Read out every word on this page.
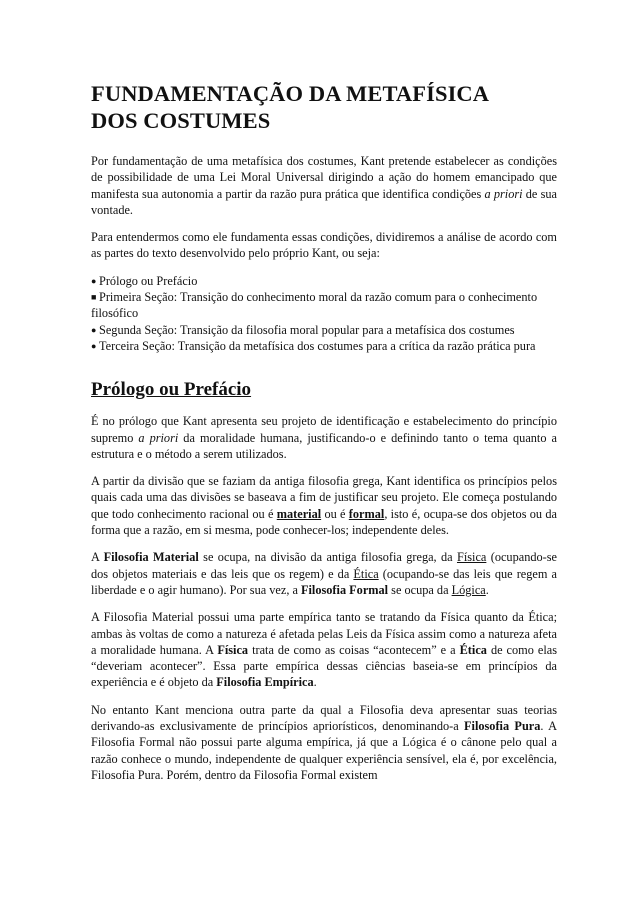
FUNDAMENTAÇÃO DA METAFÍSICA
DOS COSTUMES

Por fundamentação de uma metafísica dos costumes, Kant pretende estabelecer as condições de possibilidade de uma Lei Moral Universal dirigindo a ação do homem emancipado que manifesta sua autonomia a partir da razão pura prática que identifica condições a priori de sua vontade.

Para entendermos como ele fundamenta essas condições, dividiremos a análise de acordo com as partes do texto desenvolvido pelo próprio Kant, ou seja:

● Prólogo ou Prefácio
■ Primeira Seção: Transição do conhecimento moral da razão comum para o conhecimento filosófico
● Segunda Seção: Transição da filosofia moral popular para a metafísica dos costumes
● Terceira Seção: Transição da metafísica dos costumes para a crítica da razão prática pura
Prólogo ou Prefácio

É no prólogo que Kant apresenta seu projeto de identificação e estabelecimento do princípio supremo a priori da moralidade humana, justificando-o e definindo tanto o tema quanto a estrutura e o método a serem utilizados.

A partir da divisão que se faziam da antiga filosofia grega, Kant identifica os princípios pelos quais cada uma das divisões se baseava a fim de justificar seu projeto. Ele começa postulando que todo conhecimento racional ou é material ou é formal, isto é, ocupa-se dos objetos ou da forma que a razão, em si mesma, pode conhecer-los; independente deles.

A Filosofia Material se ocupa, na divisão da antiga filosofia grega, da Física (ocupando-se dos objetos materiais e das leis que os regem) e da Ética (ocupando-se das leis que regem a liberdade e o agir humano). Por sua vez, a Filosofia Formal se ocupa da Lógica.

A Filosofia Material possui uma parte empírica tanto se tratando da Física quanto da Ética; ambas às voltas de como a natureza é afetada pelas Leis da Física assim como a natureza afeta a moralidade humana. A Física trata de como as coisas “acontecem” e a Ética de como elas “deveriam acontecer”. Essa parte empírica dessas ciências baseia-se em princípios da experiência e é objeto da Filosofia Empírica.

No entanto Kant menciona outra parte da qual a Filosofia deva apresentar suas teorias derivando-as exclusivamente de princípios apriorísticos, denominando-a Filosofia Pura. A Filosofia Formal não possui parte alguma empírica, já que a Lógica é o cânone pelo qual a razão conhece o mundo, independente de qualquer experiência sensível, ela é, por excelência, Filosofia Pura. Porém, dentro da Filosofia Formal existem
